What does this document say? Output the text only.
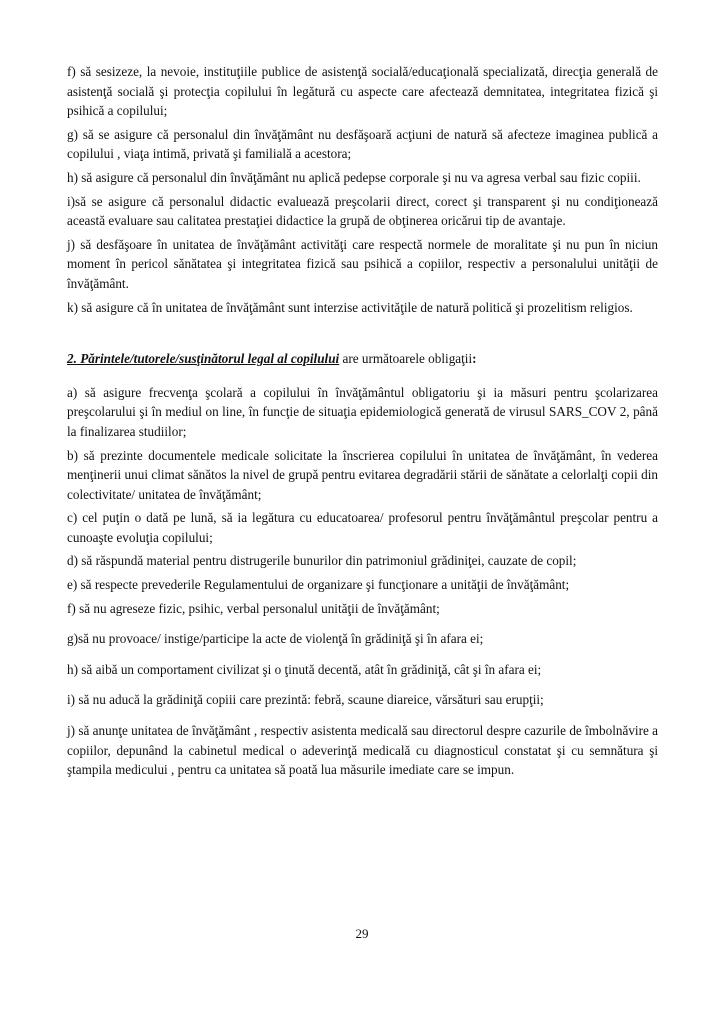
f) să sesizeze, la nevoie, instituţiile publice de asistenţă socială/educaţională specializată, direcţia generală de asistenţă socială şi protecţia copilului în legătură cu aspecte care afectează demnitatea, integritatea fizică şi psihică a copilului;

g) să se asigure că personalul din învăţământ nu desfăşoară acţiuni de natură să afecteze imaginea publică a copilului , viaţa intimă, privată şi familială a acestora;

h) să asigure că personalul din învăţământ nu aplică pedepse corporale şi nu va agresa verbal sau fizic copiii.

i)să se asigure că personalul didactic evaluează preşcolarii direct, corect şi transparent şi nu condiţionează această evaluare sau calitatea prestaţiei didactice la grupă de obţinerea oricărui tip de avantaje.

j) să desfăşoare în unitatea de învăţământ activităţi care respectă normele de moralitate şi nu pun în niciun moment în pericol sănătatea şi integritatea fizică sau psihică a copiilor, respectiv a personalului unităţii de învăţământ.

k) să asigure că în unitatea de învăţământ sunt interzise activităţile de natură politică şi prozelitism religios.

2. Părintele/tutorele/susţinătorul legal al copilului are următoarele obligaţii:

a) să asigure frecvenţa şcolară a copilului în învăţământul obligatoriu şi ia măsuri pentru şcolarizarea preşcolarului şi în mediul on line, în funcţie de situaţia epidemiologică generată de virusul SARS_COV 2, până la finalizarea studiilor;

b) să prezinte documentele medicale solicitate la înscrierea copilului în unitatea de învăţământ, în vederea menţinerii unui climat sănătos la nivel de grupă pentru evitarea degradării stării de sănătate a celorlalţi copii din colectivitate/ unitatea de învăţământ;

c) cel puţin o dată pe lună, să ia legătura cu educatoarea/ profesorul pentru învăţământul preşcolar pentru a cunoaşte evoluţia copilului;

d) să răspundă material pentru distrugerile bunurilor din patrimoniul grădiniţei, cauzate de copil;

e) să respecte prevederile Regulamentului de organizare şi funcţionare a unităţii de învăţământ;

f) să nu agreseze fizic, psihic, verbal personalul unităţii de învăţământ;

g)să nu provoace/ instige/participe la acte de violenţă în grădiniţă şi în afara ei;

h) să aibă un comportament civilizat şi o ţinută decentă, atât în grădiniţă, cât şi în afara ei;

i) să nu aducă la grădiniţă copiii care prezintă: febră, scaune diareice, vărsături sau erupţii;

j) să anunţe unitatea de învăţământ , respectiv asistenta medicală sau directorul despre cazurile de îmbolnăvire a copiilor, depunând la cabinetul medical o adeverinţă medicală cu diagnosticul constatat şi cu semnătura şi ştampila medicului , pentru ca unitatea să poată lua măsurile imediate care se impun.

29
